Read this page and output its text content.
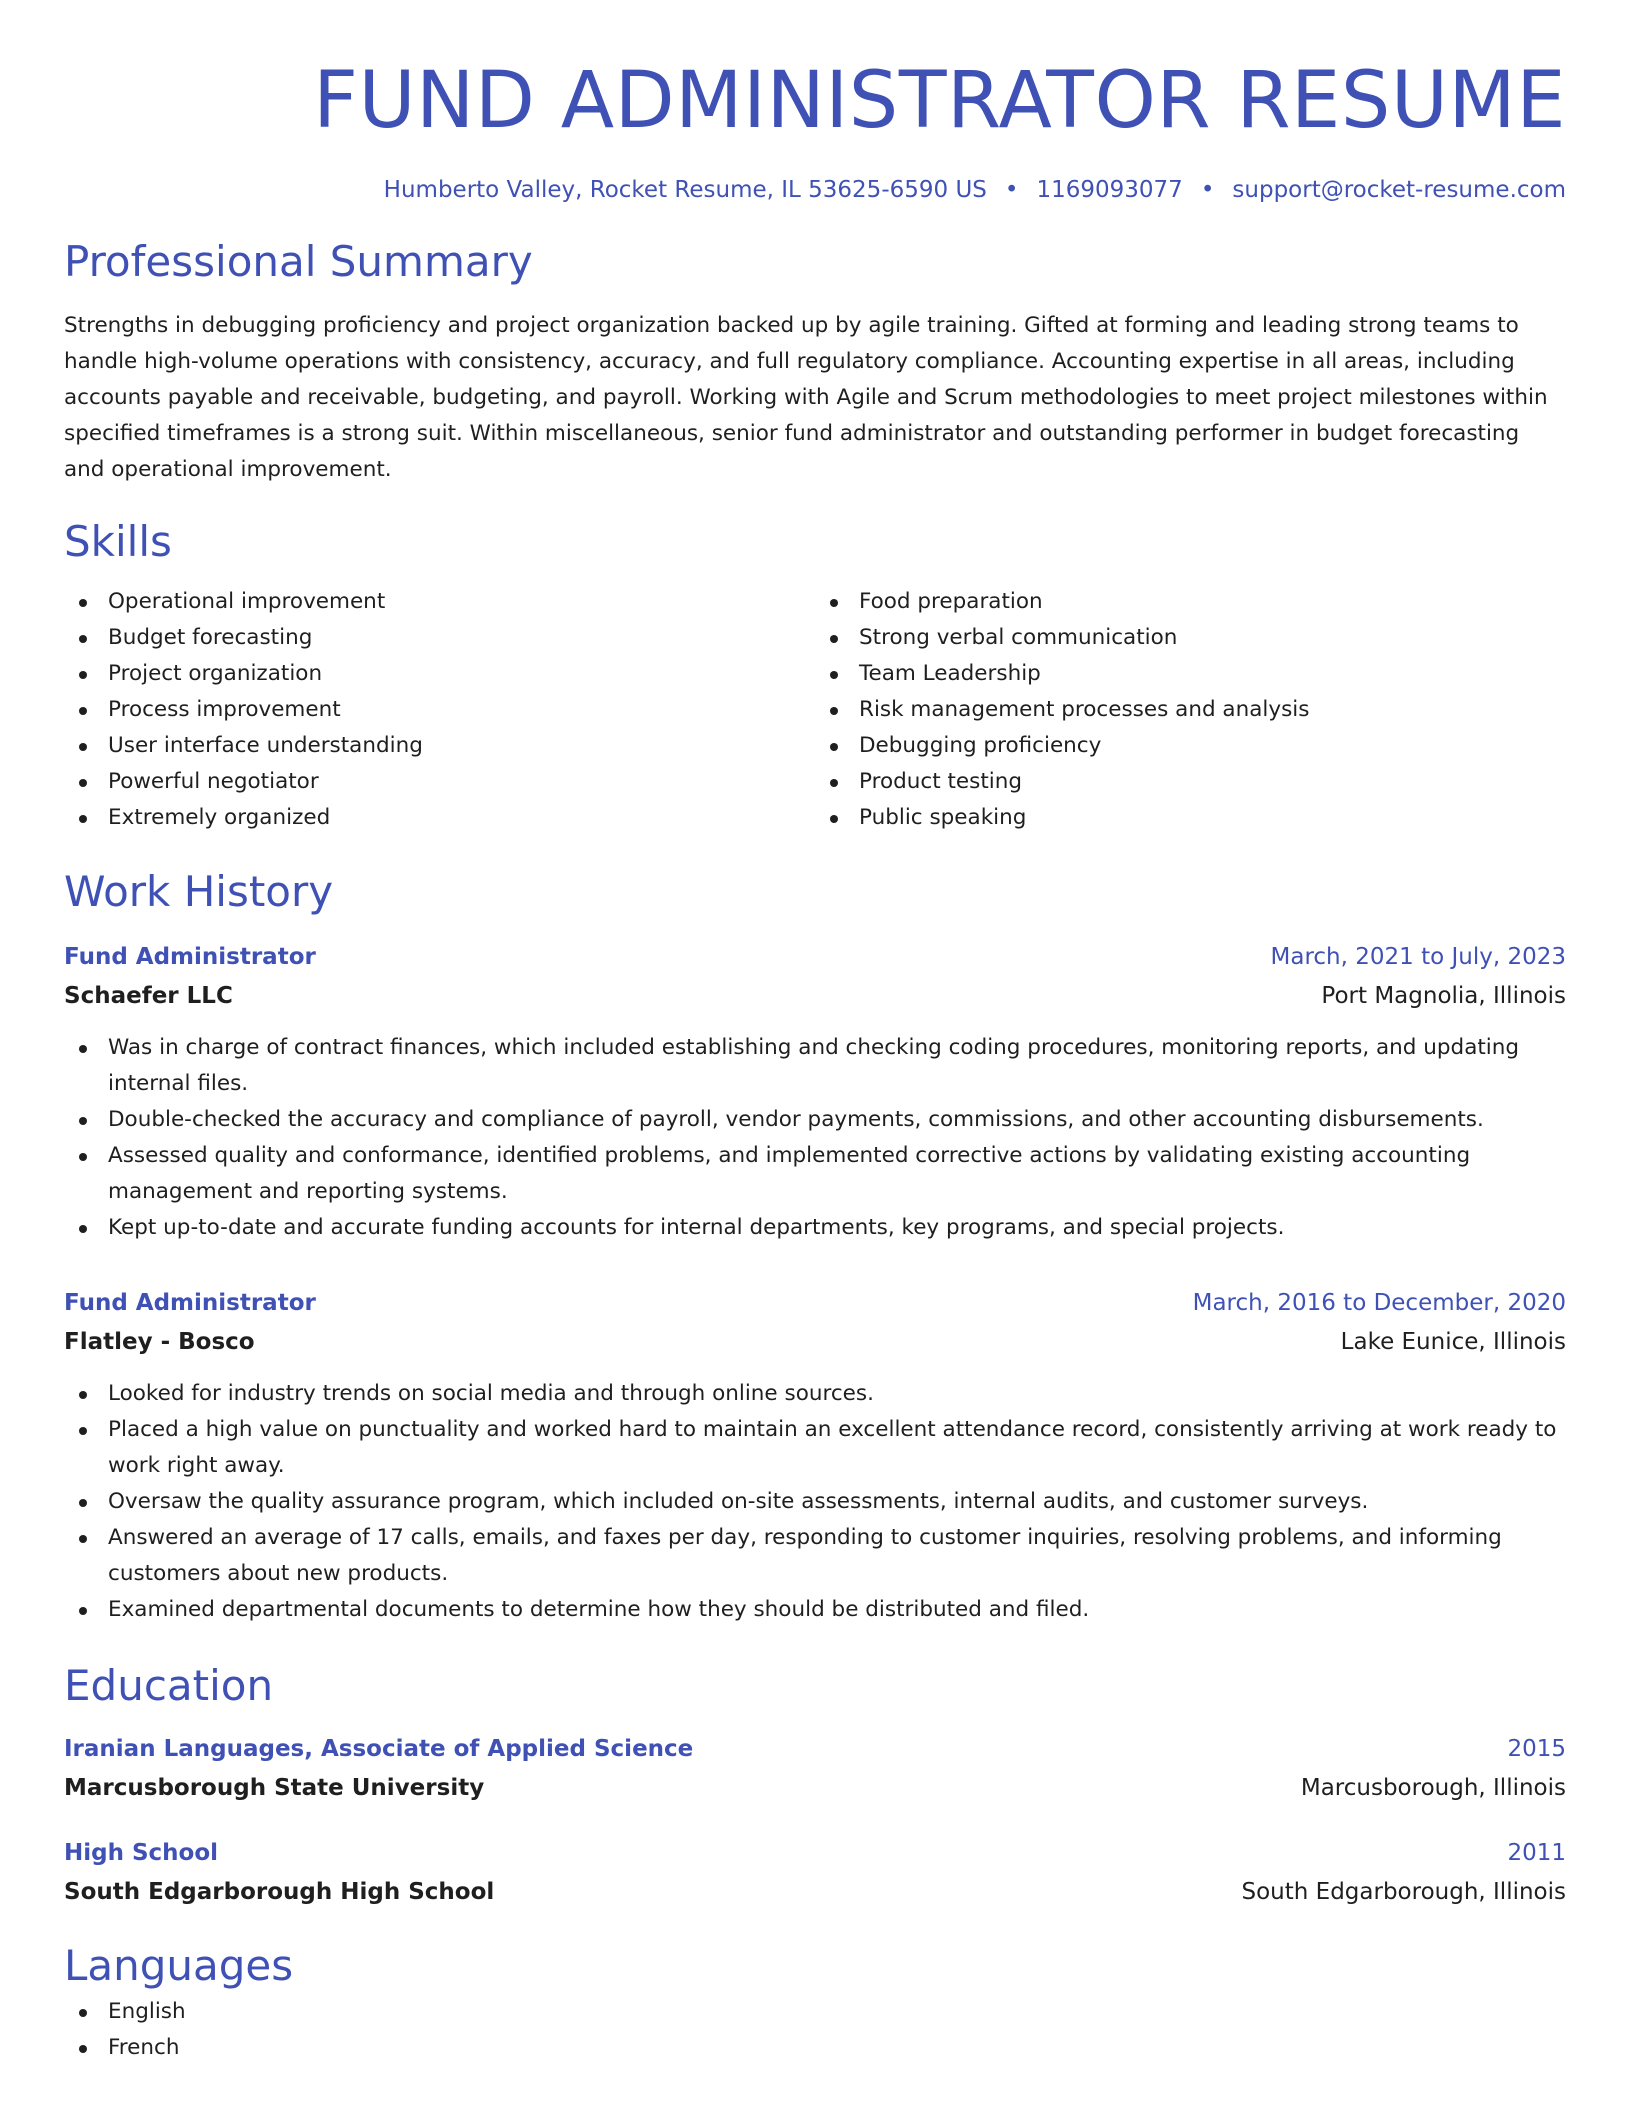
FUND ADMINISTRATOR RESUME
Humberto Valley, Rocket Resume, IL 53625-6590 US • 1169093077 • support@rocket-resume.com
Professional Summary

Strengths in debugging proficiency and project organization backed up by agile training. Gifted at forming and leading strong teams to handle high-volume operations with consistency, accuracy, and full regulatory compliance. Accounting expertise in all areas, including accounts payable and receivable, budgeting, and payroll. Working with Agile and Scrum methodologies to meet project milestones within specified timeframes is a strong suit. Within miscellaneous, senior fund administrator and outstanding performer in budget forecasting and operational improvement.

Skills
Operational improvement
Budget forecasting
Project organization
Process improvement
User interface understanding
Powerful negotiator
Extremely organized
Food preparation
Strong verbal communication
Team Leadership
Risk management processes and analysis
Debugging proficiency
Product testing
Public speaking
Work History
Fund Administrator	March, 2021 to July, 2023
Schaefer LLC	Port Magnolia, Illinois
Was in charge of contract finances, which included establishing and checking coding procedures, monitoring reports, and updating internal files.
Double-checked the accuracy and compliance of payroll, vendor payments, commissions, and other accounting disbursements.
Assessed quality and conformance, identified problems, and implemented corrective actions by validating existing accounting management and reporting systems.
Kept up-to-date and accurate funding accounts for internal departments, key programs, and special projects.
Fund Administrator	March, 2016 to December, 2020
Flatley - Bosco	Lake Eunice, Illinois
Looked for industry trends on social media and through online sources.
Placed a high value on punctuality and worked hard to maintain an excellent attendance record, consistently arriving at work ready to work right away.
Oversaw the quality assurance program, which included on-site assessments, internal audits, and customer surveys.
Answered an average of 17 calls, emails, and faxes per day, responding to customer inquiries, resolving problems, and informing customers about new products.
Examined departmental documents to determine how they should be distributed and filed.
Education
Iranian Languages, Associate of Applied Science	2015
Marcusborough State University	Marcusborough, Illinois
High School	2011
South Edgarborough High School	South Edgarborough, Illinois
Languages
English
French
